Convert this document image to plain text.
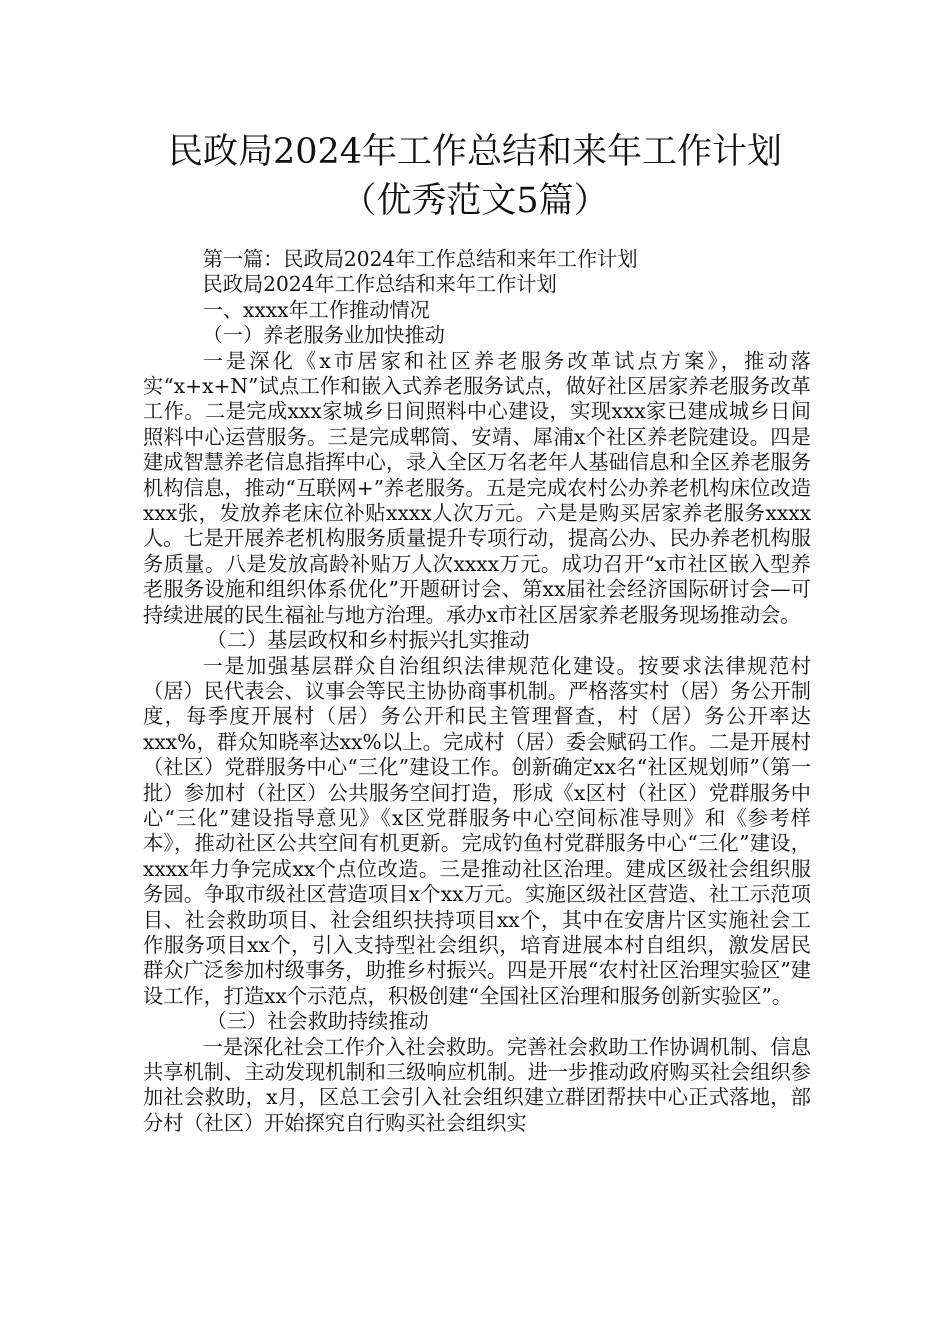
民政局2024年工作总结和来年工作计划
（优秀范文5篇）

第一篇：民政局2024年工作总结和来年工作计划

民政局2024年工作总结和来年工作计划

一、xxxx年工作推动情况

（一）养老服务业加快推动

一是深化《x市居家和社区养老服务改革试点方案》，推动落实“x+x+N”试点工作和嵌入式养老服务试点，做好社区居家养老服务改革工作。二是完成xxx家城乡日间照料中心建设，实现xxx家已建成城乡日间照料中心运营服务。三是完成郫筒、安靖、犀浦x个社区养老院建设。四是建成智慧养老信息指挥中心，录入全区万名老年人基础信息和全区养老服务机构信息，推动“互联网+”养老服务。五是完成农村公办养老机构床位改造xxx张，发放养老床位补贴xxxx人次万元。六是是购买居家养老服务xxxx人。七是开展养老机构服务质量提升专项行动，提高公办、民办养老机构服务质量。八是发放高龄补贴万人次xxxx万元。成功召开“x市社区嵌入型养老服务设施和组织体系优化”开题研讨会、第xx届社会经济国际研讨会—可持续进展的民生福祉与地方治理。承办x市社区居家养老服务现场推动会。

（二）基层政权和乡村振兴扎实推动

一是加强基层群众自治组织法律规范化建设。按要求法律规范村（居）民代表会、议事会等民主协协商事机制。严格落实村（居）务公开制度，每季度开展村（居）务公开和民主管理督查，村（居）务公开率达xxx%，群众知晓率达xx%以上。完成村（居）委会赋码工作。二是开展村（社区）党群服务中心“三化”建设工作。创新确定xx名“社区规划师”（第一批）参加村（社区）公共服务空间打造，形成《x区村（社区）党群服务中心“三化”建设指导意见》《x区党群服务中心空间标准导则》和《参考样本》，推动社区公共空间有机更新。完成钓鱼村党群服务中心“三化”建设，xxxx年力争完成xx个点位改造。三是推动社区治理。建成区级社会组织服务园。争取市级社区营造项目x个xx万元。实施区级社区营造、社工示范项目、社会救助项目、社会组织扶持项目xx个，其中在安唐片区实施社会工作服务项目xx个，引入支持型社会组织，培育进展本村自组织，激发居民群众广泛参加村级事务，助推乡村振兴。四是开展“农村社区治理实验区”建设工作，打造xx个示范点，积极创建“全国社区治理和服务创新实验区”。

（三）社会救助持续推动

一是深化社会工作介入社会救助。完善社会救助工作协调机制、信息共享机制、主动发现机制和三级响应机制。进一步推动政府购买社会组织参加社会救助，x月，区总工会引入社会组织建立群团帮扶中心正式落地，部分村（社区）开始探究自行购买社会组织实
